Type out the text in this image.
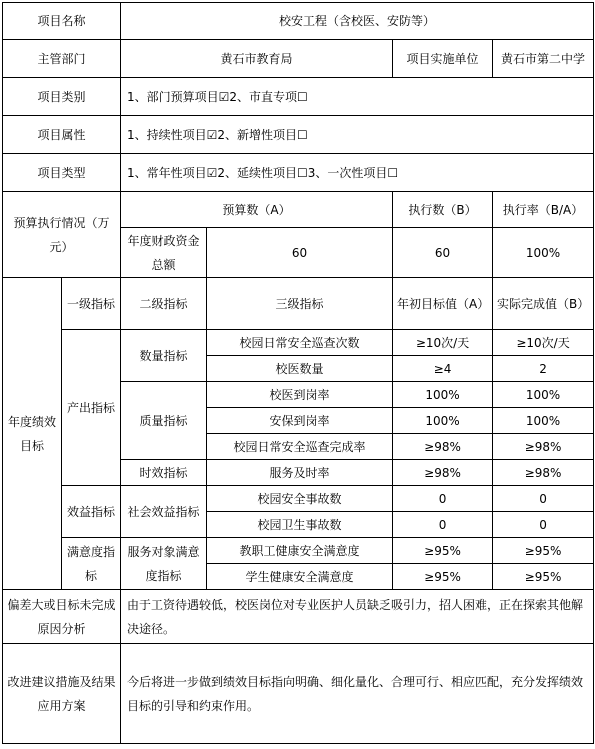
项目名称		校安工程（含校医、安防等）			
主管部门		黄石市教育局		项目实施单位	黄石市第二中学
项目类别		1、部门预算项目☑2、市直专项☐			
项目属性		1、持续性项目☑2、新增性项目☐			
项目类型		1、常年性项目☑2、延续性项目☐3、一次性项目☐			
预算执行情况（万元）		预算数（A）		执行数（B）	执行率（B/A）
		年度财政资金总额	60	60	100%
年度绩效目标	一级指标	二级指标	三级指标	年初目标值（A）	实际完成值（B）
	产出指标	数量指标	校园日常安全巡查次数	≥10次/天	≥10次/天
			校医数量	≥4	2
		质量指标	校医到岗率	100%	100%
			安保到岗率	100%	100%
			校园日常安全巡查完成率	≥98%	≥98%
		时效指标	服务及时率	≥98%	≥98%
	效益指标	社会效益指标	校园安全事故数	0	0
			校园卫生事故数	0	0
	满意度指标	服务对象满意度指标	教职工健康安全满意度	≥95%	≥95%
			学生健康安全满意度	≥95%	≥95%
偏差大或目标未完成原因分析		由于工资待遇较低，校医岗位对专业医护人员缺乏吸引力，招人困难，正在探索其他解决途径。			
改进建议措施及结果应用方案		今后将进一步做到绩效目标指向明确、细化量化、合理可行、相应匹配，充分发挥绩效目标的引导和约束作用。			
